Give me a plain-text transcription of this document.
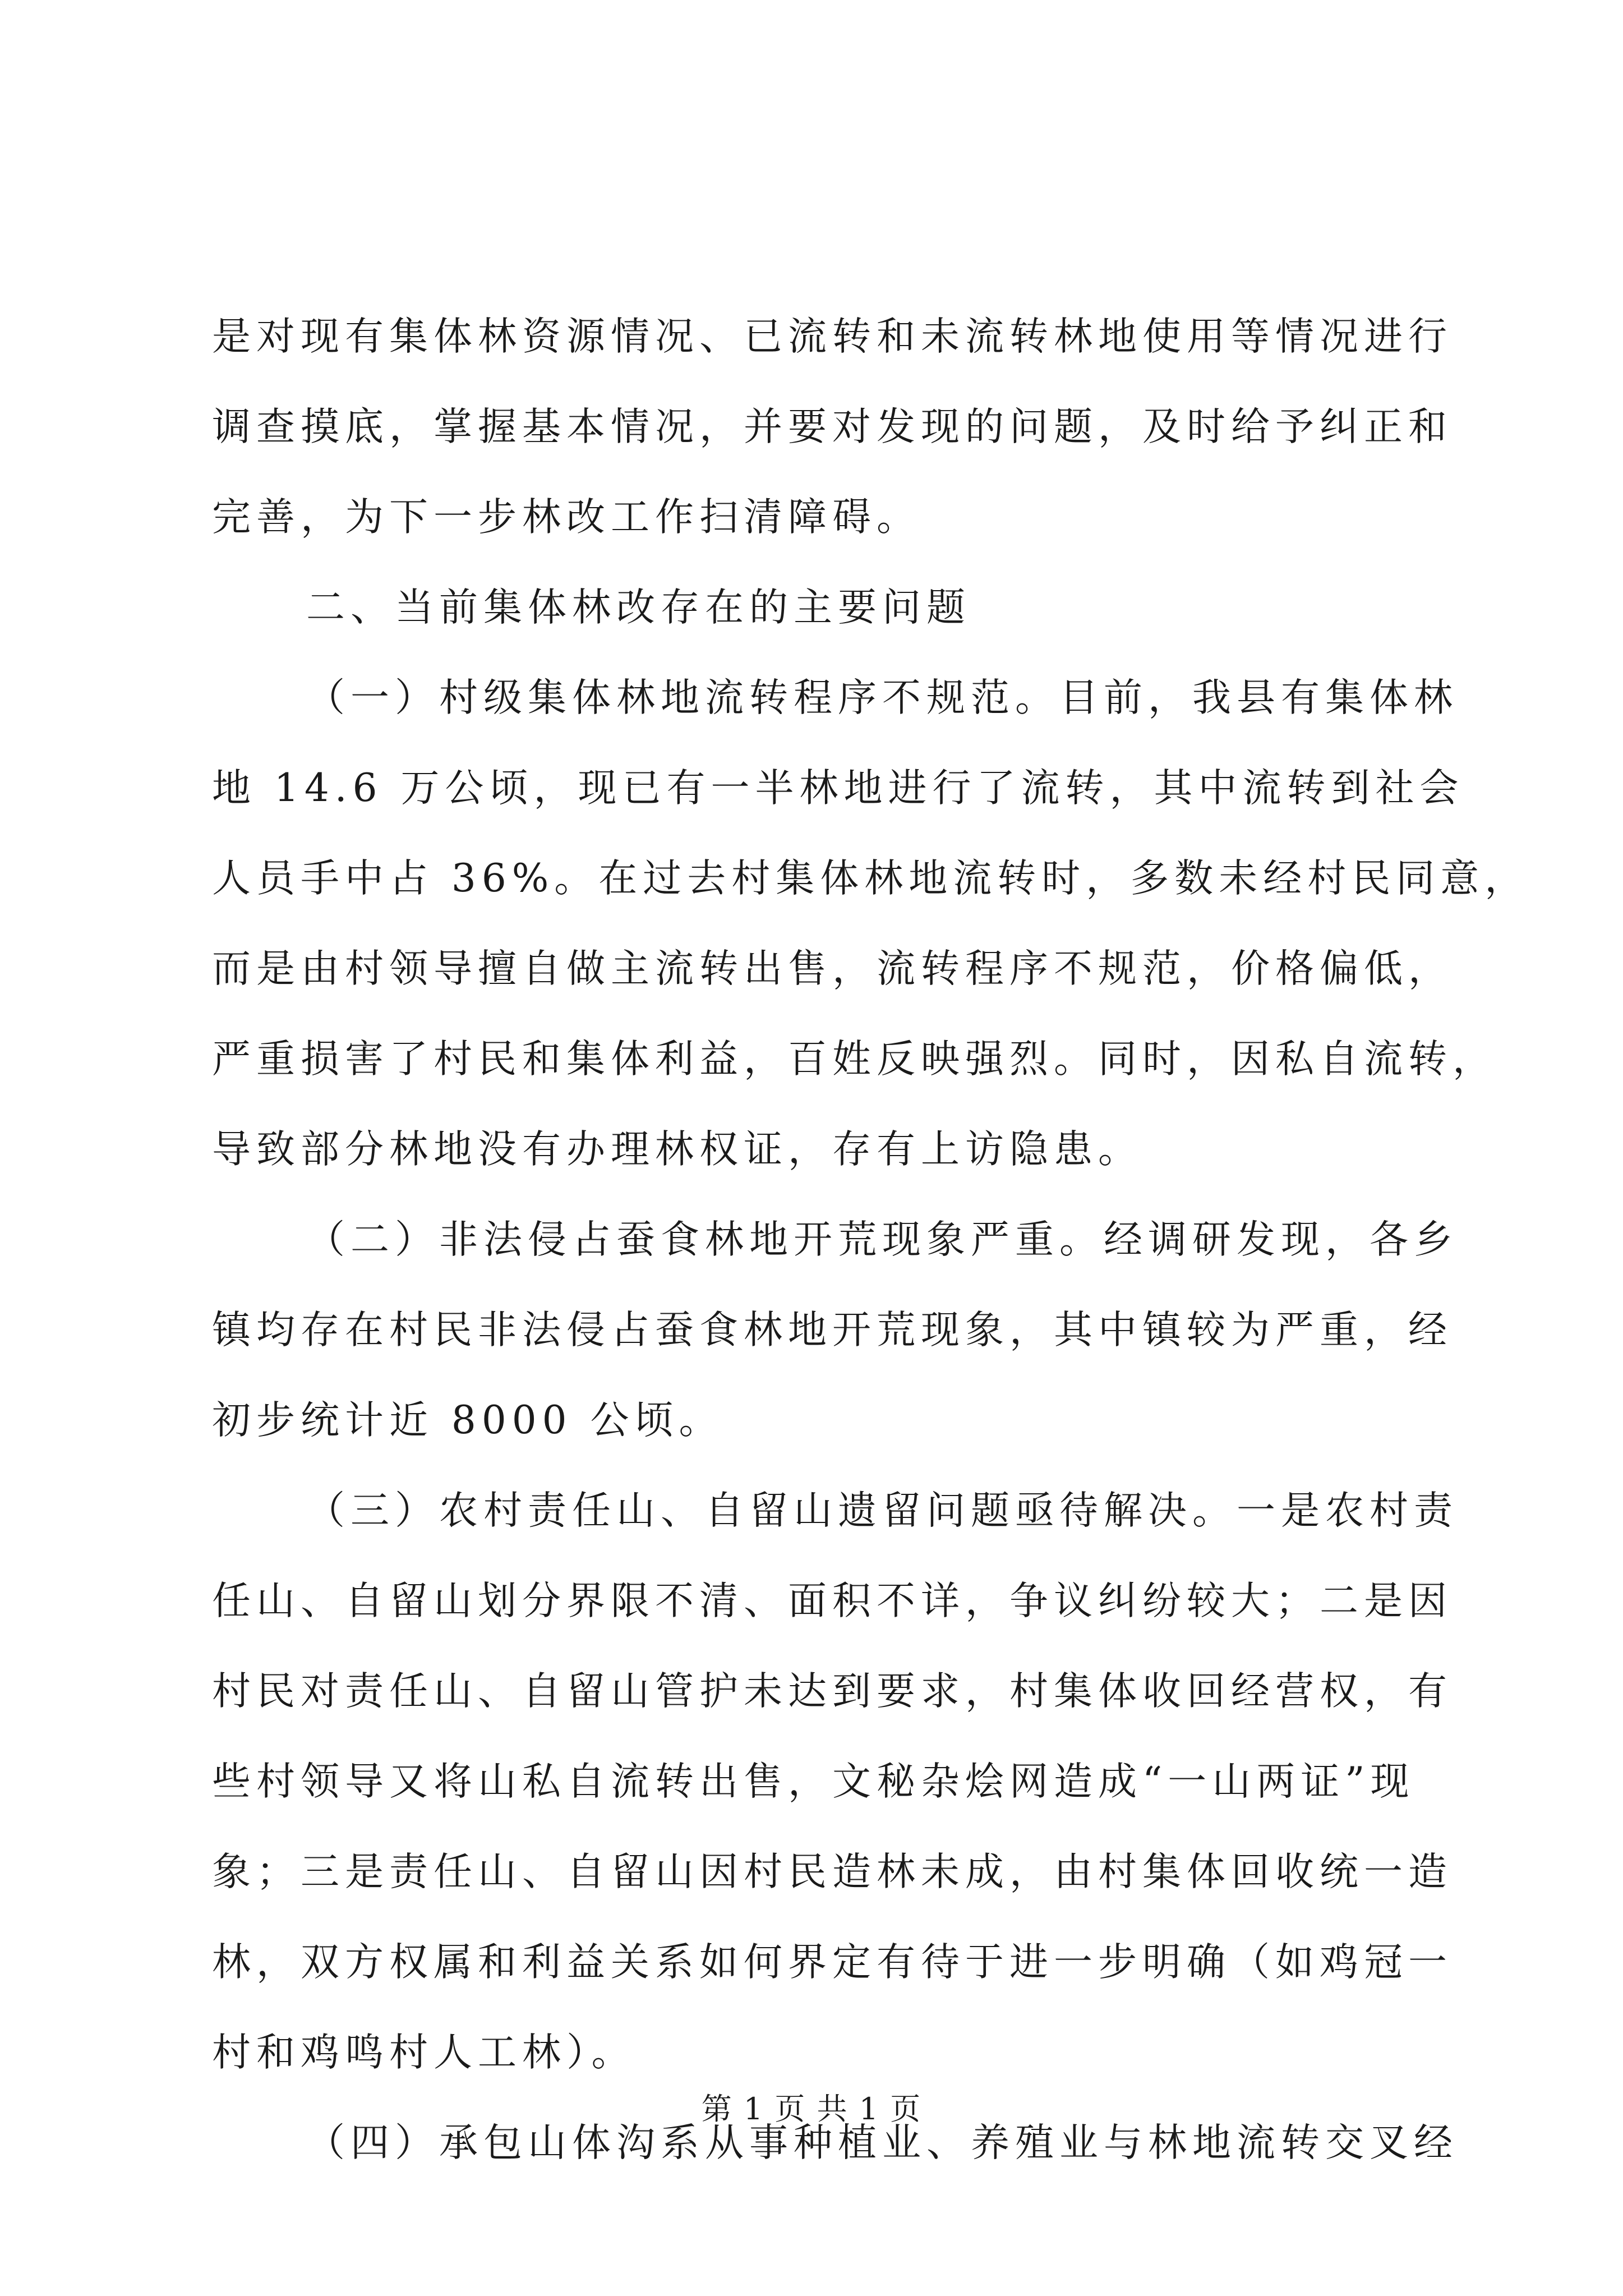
是对现有集体林资源情况、已流转和未流转林地使用等情况进行
调查摸底，掌握基本情况，并要对发现的问题，及时给予纠正和
完善，为下一步林改工作扫清障碍。
二、当前集体林改存在的主要问题
（一）村级集体林地流转程序不规范。目前，我县有集体林
地 14.6 万公顷，现已有一半林地进行了流转，其中流转到社会
人员手中占 36%。在过去村集体林地流转时，多数未经村民同意，
而是由村领导擅自做主流转出售，流转程序不规范，价格偏低，
严重损害了村民和集体利益，百姓反映强烈。同时，因私自流转，
导致部分林地没有办理林权证，存有上访隐患。
（二）非法侵占蚕食林地开荒现象严重。经调研发现，各乡
镇均存在村民非法侵占蚕食林地开荒现象，其中镇较为严重，经
初步统计近 8000 公顷。
（三）农村责任山、自留山遗留问题亟待解决。一是农村责
任山、自留山划分界限不清、面积不详，争议纠纷较大；二是因
村民对责任山、自留山管护未达到要求，村集体收回经营权，有
些村领导又将山私自流转出售，文秘杂烩网造成“一山两证”现
象；三是责任山、自留山因村民造林未成，由村集体回收统一造
林，双方权属和利益关系如何界定有待于进一步明确（如鸡冠一
村和鸡鸣村人工林）。
（四）承包山体沟系从事种植业、养殖业与林地流转交叉经
第 1 页 共 1 页
